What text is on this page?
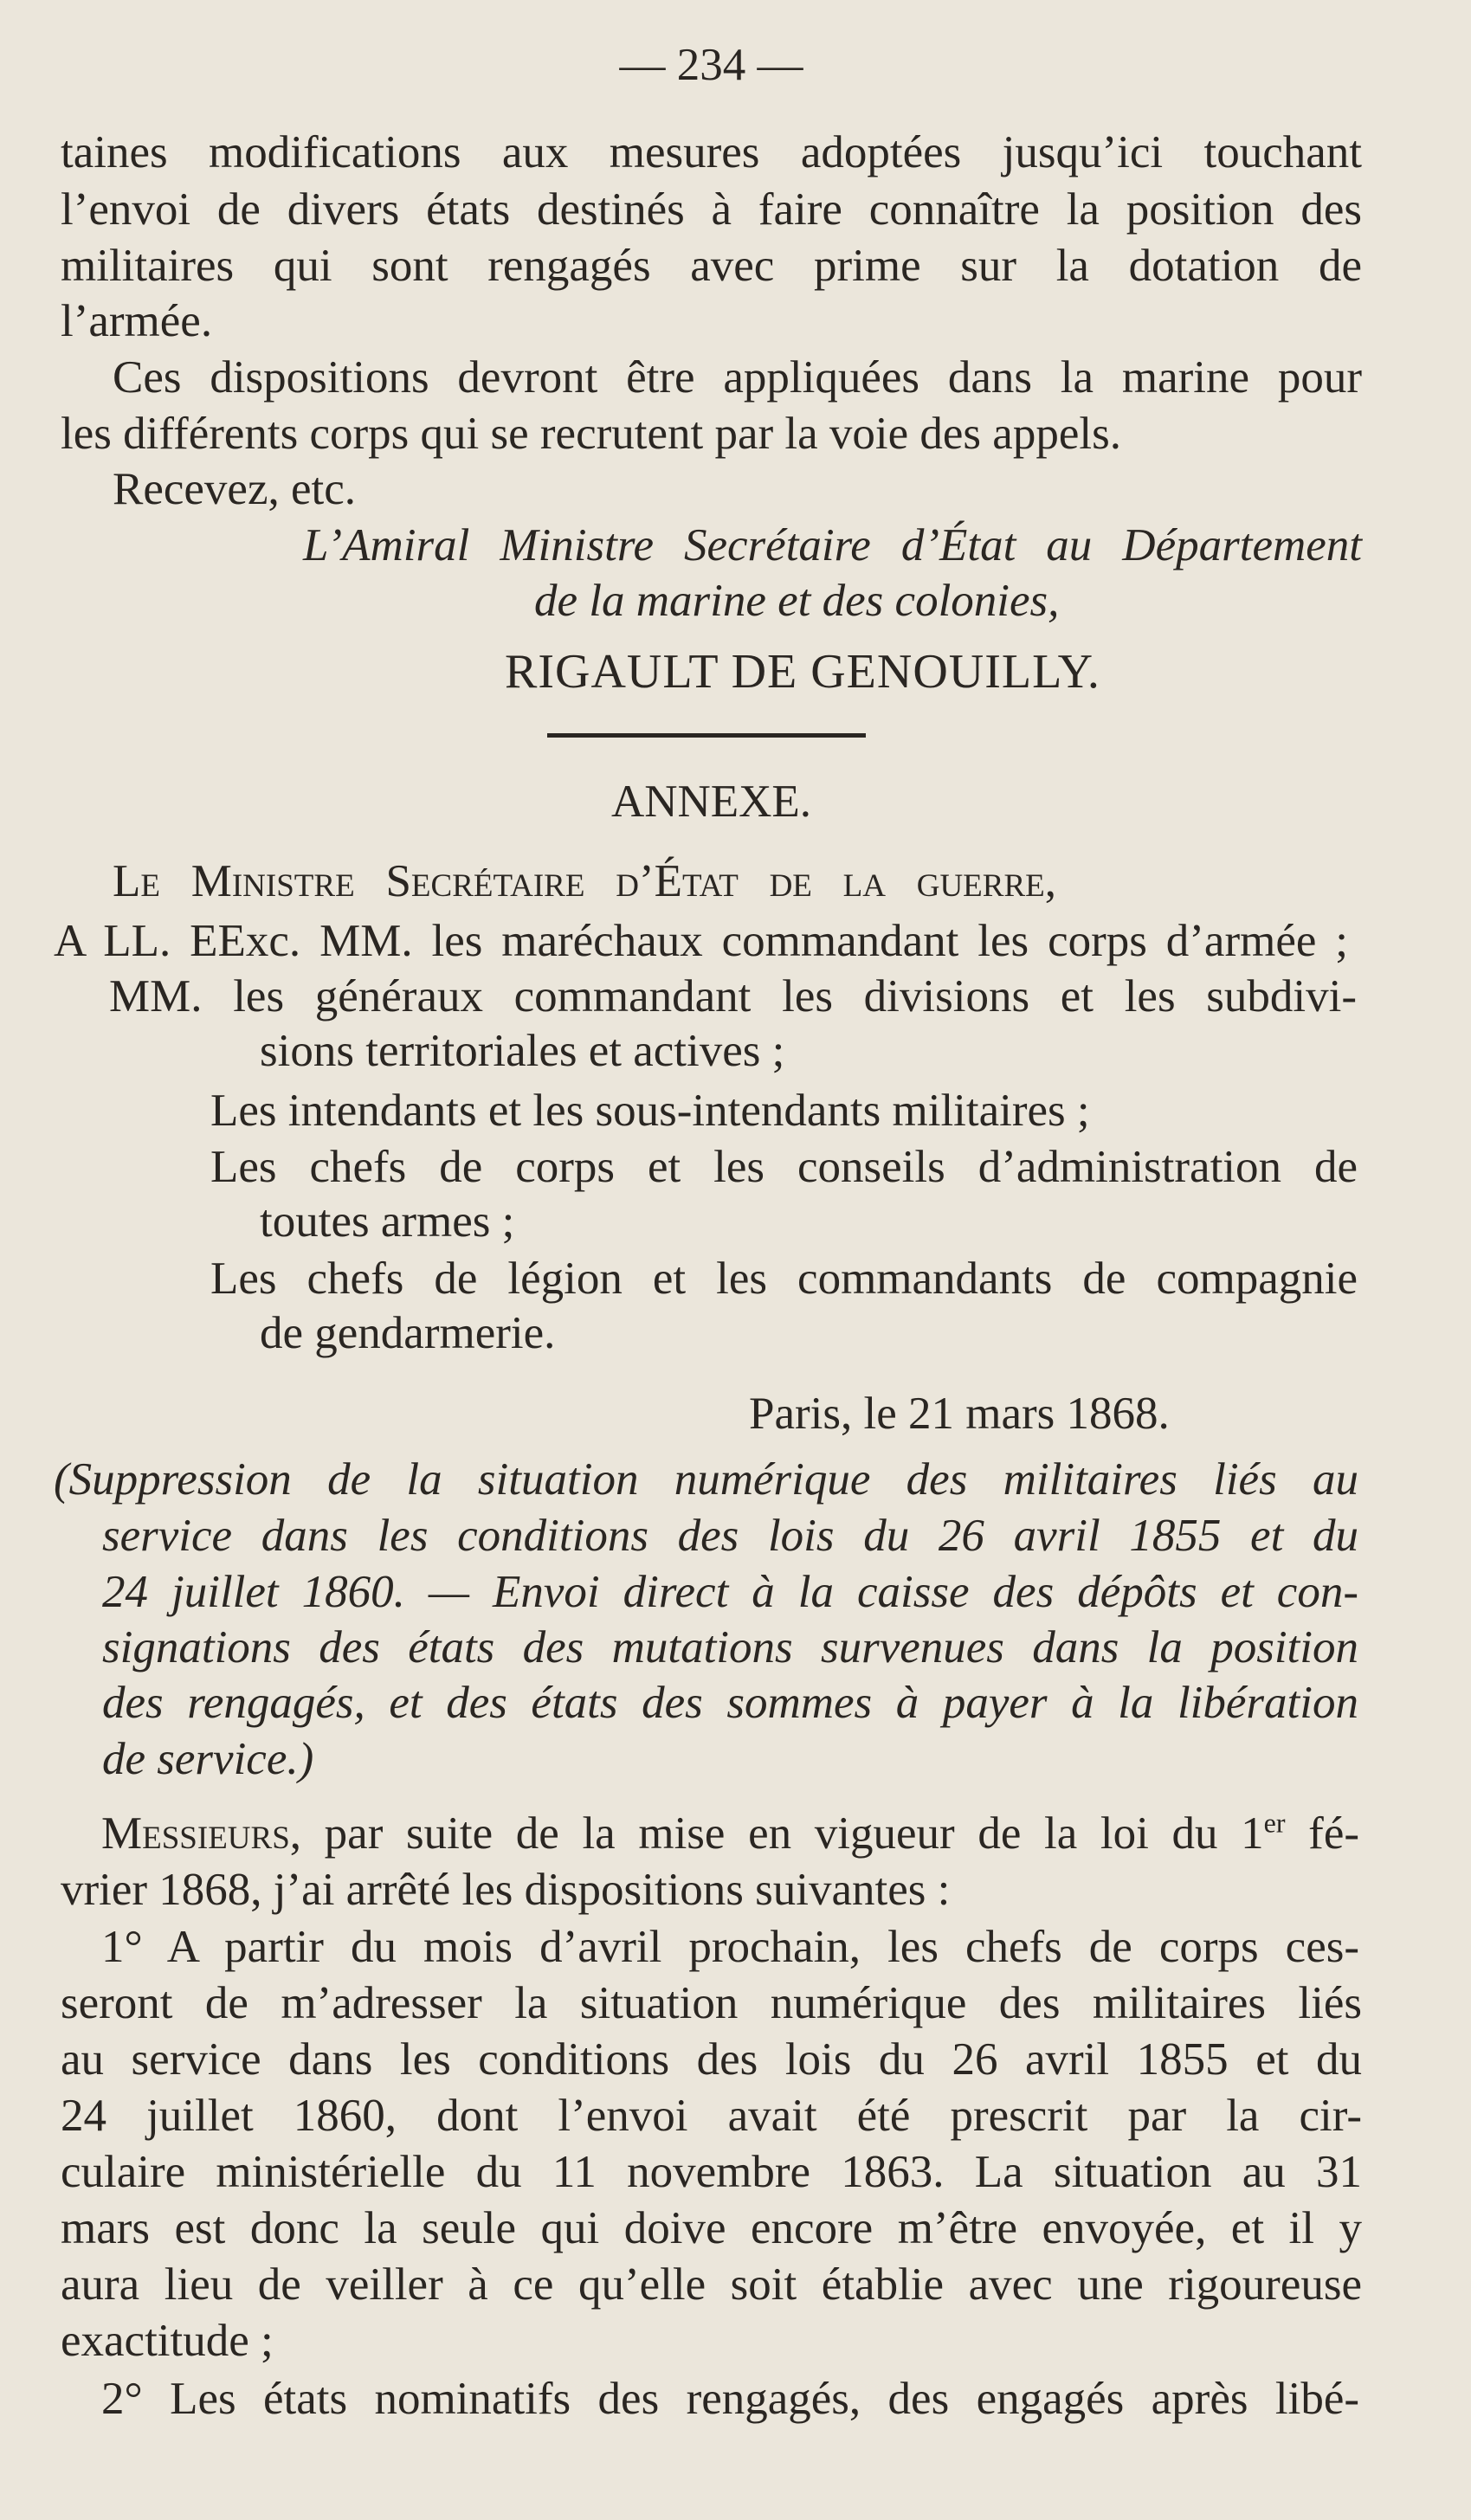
— 234 —
taines modifications aux mesures adoptées jusqu’ici touchant
l’envoi de divers états destinés à faire connaître la position des
militaires qui sont rengagés avec prime sur la dotation de
l’armée.
Ces dispositions devront être appliquées dans la marine pour
les différents corps qui se recrutent par la voie des appels.
Recevez, etc.
L’Amiral Ministre Secrétaire d’État au Département
de la marine et des colonies,
RIGAULT DE GENOUILLY.
ANNEXE.
Le Ministre Secrétaire d’État de la guerre,
A LL. EExc. MM. les maréchaux commandant les corps d’armée ;
MM. les généraux commandant les divisions et les subdivi-
sions territoriales et actives ;
Les intendants et les sous-intendants militaires ;
Les chefs de corps et les conseils d’administration de
toutes armes ;
Les chefs de légion et les commandants de compagnie
de gendarmerie.
Paris, le 21 mars 1868.
(Suppression de la situation numérique des militaires liés au
service dans les conditions des lois du 26 avril 1855 et du
24 juillet 1860. — Envoi direct à la caisse des dépôts et con-
signations des états des mutations survenues dans la position
des rengagés, et des états des sommes à payer à la libération
de service.)
Messieurs, par suite de la mise en vigueur de la loi du 1er fé-
vrier 1868, j’ai arrêté les dispositions suivantes :
1° A partir du mois d’avril prochain, les chefs de corps ces-
seront de m’adresser la situation numérique des militaires liés
au service dans les conditions des lois du 26 avril 1855 et du
24 juillet 1860, dont l’envoi avait été prescrit par la cir-
culaire ministérielle du 11 novembre 1863. La situation au 31
mars est donc la seule qui doive encore m’être envoyée, et il y
aura lieu de veiller à ce qu’elle soit établie avec une rigoureuse
exactitude ;
2° Les états nominatifs des rengagés, des engagés après libé-
